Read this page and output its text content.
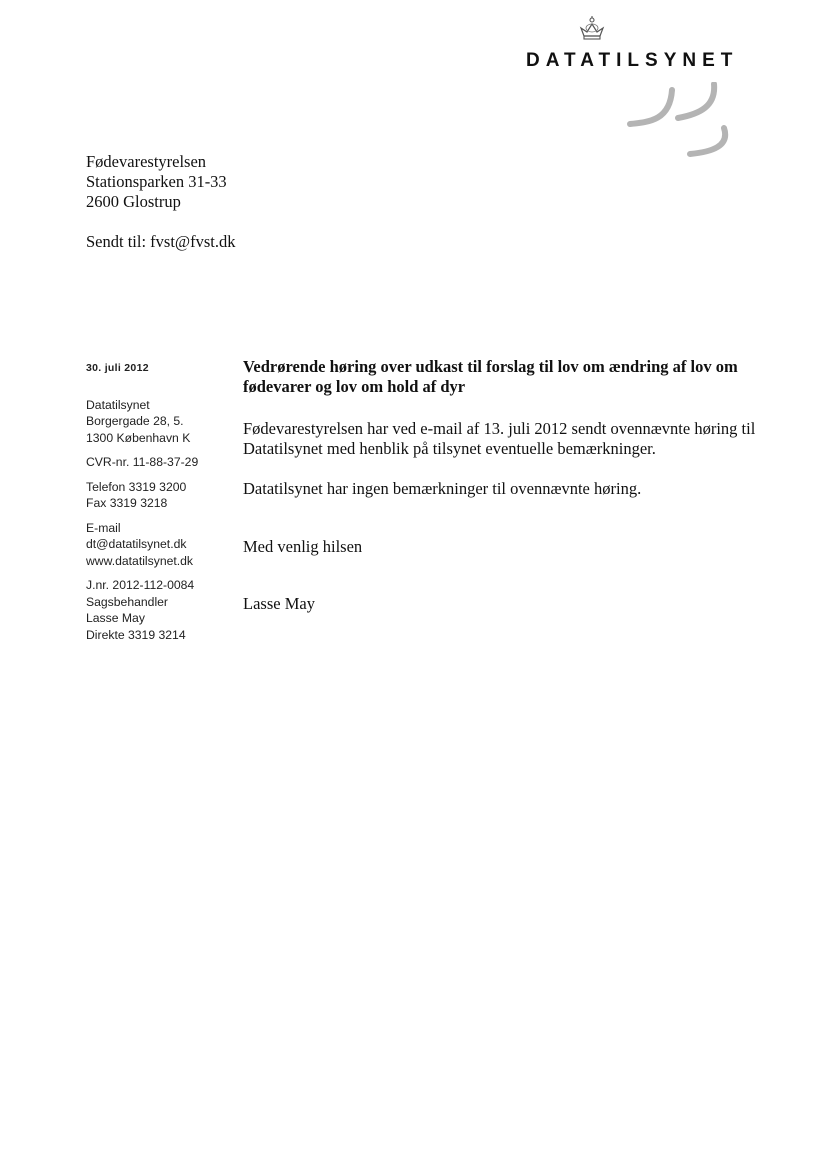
DATATILSYNET
Fødevarestyrelsen
Stationsparken 31-33
2600 Glostrup
Sendt til: fvst@fvst.dk
30. juli 2012
Datatilsynet
Borgergade 28, 5.
1300 København K
CVR-nr. 11-88-37-29
Telefon 3319 3200
Fax 3319 3218
E-mail
dt@datatilsynet.dk
www.datatilsynet.dk
J.nr. 2012-112-0084
Sagsbehandler
Lasse May
Direkte 3319 3214
Vedrørende høring over udkast til forslag til lov om ændring af lov om fødevarer og lov om hold af dyr

Fødevarestyrelsen har ved e-mail af 13. juli 2012 sendt ovennævnte høring til Datatilsynet med henblik på tilsynet eventuelle bemærkninger.

Datatilsynet har ingen bemærkninger til ovennævnte høring.

Med venlig hilsen
Lasse May
